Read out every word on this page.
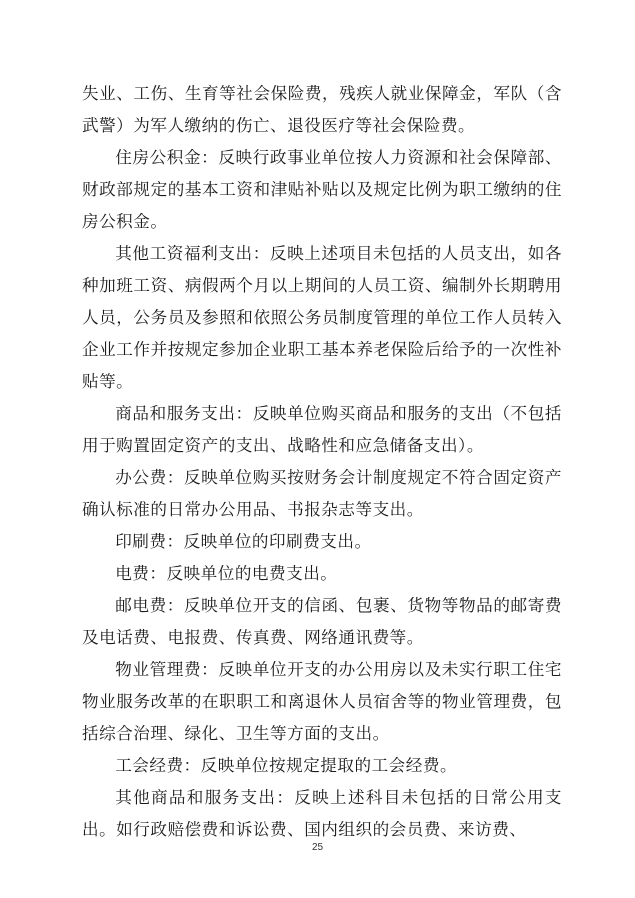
失业、工伤、生育等社会保险费，残疾人就业保障金，军队（含武警）为军人缴纳的伤亡、退役医疗等社会保险费。

住房公积金：反映行政事业单位按人力资源和社会保障部、财政部规定的基本工资和津贴补贴以及规定比例为职工缴纳的住房公积金。

其他工资福利支出：反映上述项目未包括的人员支出，如各种加班工资、病假两个月以上期间的人员工资、编制外长期聘用人员，公务员及参照和依照公务员制度管理的单位工作人员转入企业工作并按规定参加企业职工基本养老保险后给予的一次性补贴等。

商品和服务支出：反映单位购买商品和服务的支出（不包括用于购置固定资产的支出、战略性和应急储备支出）。

办公费：反映单位购买按财务会计制度规定不符合固定资产确认标准的日常办公用品、书报杂志等支出。

印刷费：反映单位的印刷费支出。

电费：反映单位的电费支出。

邮电费：反映单位开支的信函、包裹、货物等物品的邮寄费及电话费、电报费、传真费、网络通讯费等。

物业管理费：反映单位开支的办公用房以及未实行职工住宅物业服务改革的在职职工和离退休人员宿舍等的物业管理费，包括综合治理、绿化、卫生等方面的支出。

工会经费：反映单位按规定提取的工会经费。

其他商品和服务支出：反映上述科目未包括的日常公用支出。如行政赔偿费和诉讼费、国内组织的会员费、来访费、

25
